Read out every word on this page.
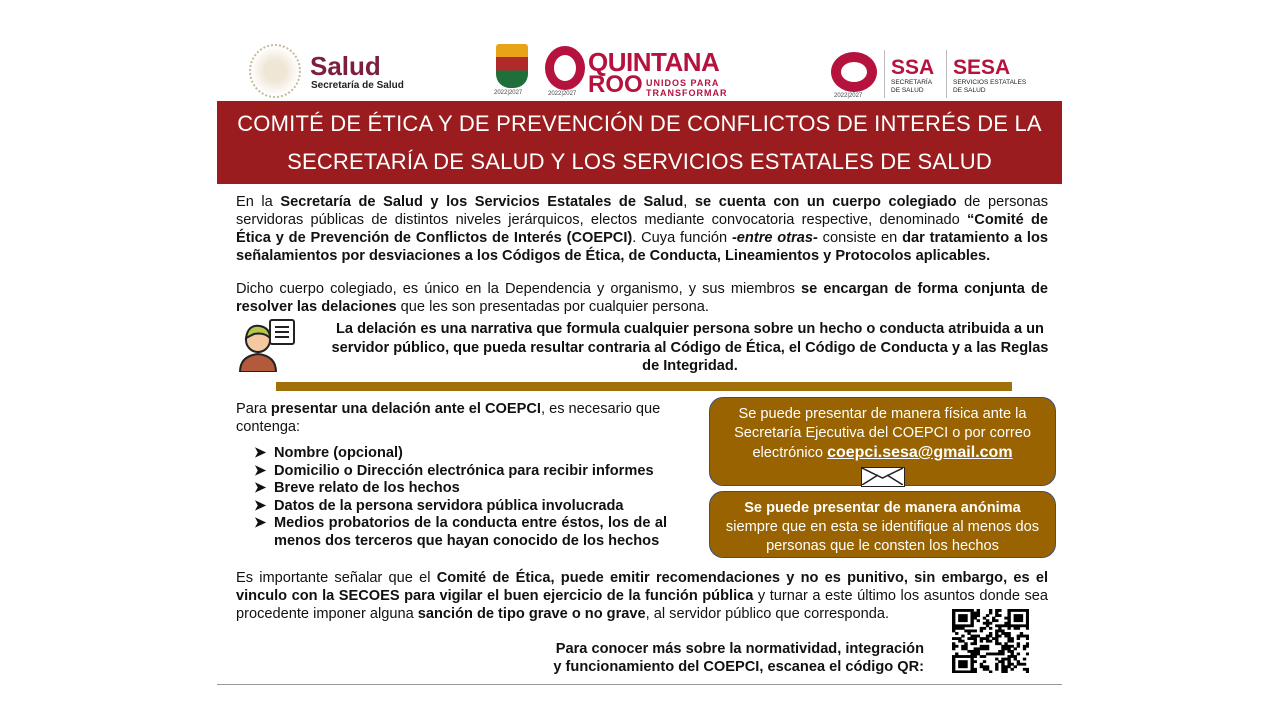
Salud
Secretaría de Salud
2022|2027
QUINTANA
ROO UNIDOS PARA
TRANSFORMAR
2022|2027	2022|2027
SSA
SECRETARÍA
DE SALUD
SESA
SERVICIOS ESTATALES
DE SALUD
COMITÉ DE ÉTICA Y DE PREVENCIÓN DE CONFLICTOS DE INTERÉS DE LA
SECRETARÍA DE SALUD Y LOS SERVICIOS ESTATALES DE SALUD
En la Secretaría de Salud y los Servicios Estatales de Salud, se cuenta con un cuerpo colegiado de personas servidoras públicas de distintos niveles jerárquicos, electos mediante convocatoria respective, denominado “Comité de Ética y de Prevención de Conflictos de Interés (COEPCI). Cuya función -entre otras- consiste en dar tratamiento a los señalamientos por desviaciones a los Códigos de Ética, de Conducta, Lineamientos y Protocolos aplicables.
Dicho cuerpo colegiado, es único en la Dependencia y organismo, y sus miembros se encargan de forma conjunta de resolver las delaciones que les son presentadas por cualquier persona.
La delación es una narrativa que formula cualquier persona sobre un hecho o conducta atribuida a un servidor público, que pueda resultar contraria al Código de Ética, el Código de Conducta y a las Reglas de Integridad.
Para presentar una delación ante el COEPCI, es necesario que contenga:
➤ Nombre (opcional)
➤ Domicilio o Dirección electrónica para recibir informes
➤ Breve relato de los hechos
➤ Datos de la persona servidora pública involucrada
➤ Medios probatorios de la conducta entre éstos, los de al menos dos terceros que hayan conocido de los hechos
Se puede presentar de manera física ante la Secretaría Ejecutiva del COEPCI o por correo electrónico coepci.sesa@gmail.com
Se puede presentar de manera anónima
siempre que en esta se identifique al menos dos personas que le consten los hechos
Es importante señalar que el Comité de Ética, puede emitir recomendaciones y no es punitivo, sin embargo, es el vinculo con la SECOES para vigilar el buen ejercicio de la función pública y turnar a este último los asuntos donde sea procedente imponer alguna sanción de tipo grave o no grave, al servidor público que corresponda.
Para conocer más sobre la normatividad, integración
y funcionamiento del COEPCI, escanea el código QR:
